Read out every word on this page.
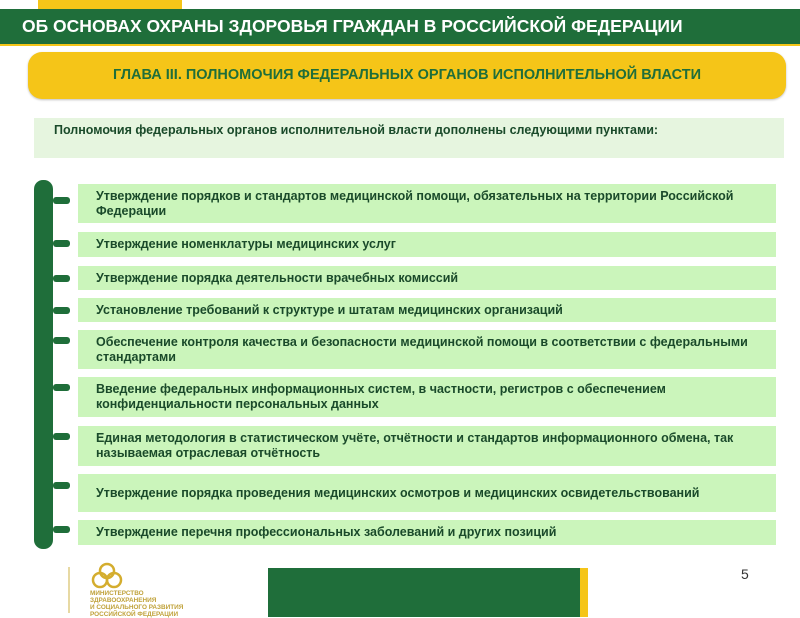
ОБ ОСНОВАХ ОХРАНЫ ЗДОРОВЬЯ ГРАЖДАН В РОССИЙСКОЙ ФЕДЕРАЦИИ
ГЛАВА III. ПОЛНОМОЧИЯ ФЕДЕРАЛЬНЫХ ОРГАНОВ ИСПОЛНИТЕЛЬНОЙ ВЛАСТИ
Полномочия федеральных органов исполнительной власти дополнены следующими пунктами:
Утверждение порядков и стандартов медицинской помощи, обязательных на территории Российской Федерации
Утверждение номенклатуры медицинских услуг
Утверждение порядка деятельности врачебных комиссий
Установление требований к структуре и штатам медицинских организаций
Обеспечение контроля качества и безопасности медицинской помощи в соответствии с федеральными стандартами
Введение федеральных информационных систем, в частности, регистров с обеспечением конфиденциальности персональных данных
Единая методология в статистическом учёте, отчётности и стандартов информационного обмена, так называемая отраслевая отчётность
Утверждение порядка проведения медицинских осмотров и медицинских освидетельствований
Утверждение перечня профессиональных заболеваний и других позиций
МИНИСТЕРСТВО
ЗДРАВООХРАНЕНИЯ
И СОЦИАЛЬНОГО РАЗВИТИЯ
РОССИЙСКОЙ ФЕДЕРАЦИИ
5
